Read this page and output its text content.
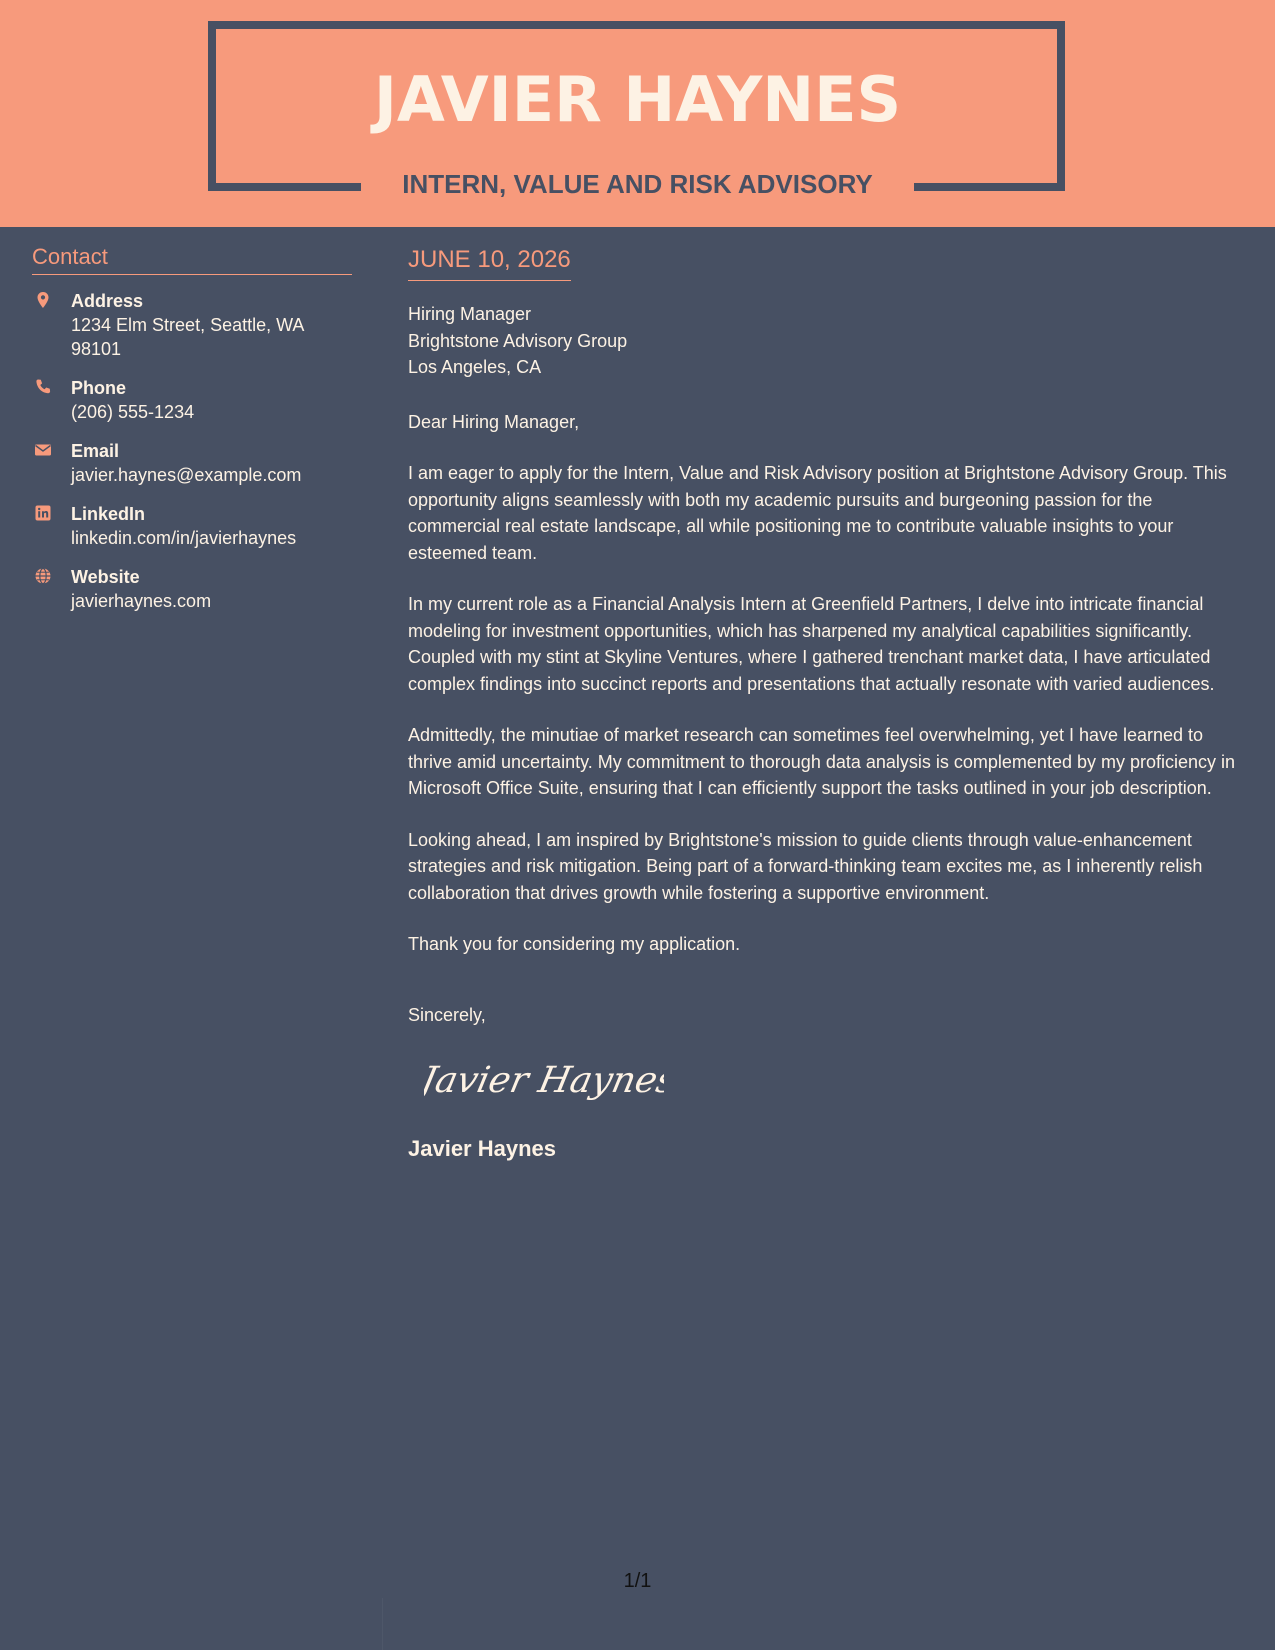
JAVIER HAYNES
INTERN, VALUE AND RISK ADVISORY
Contact
Address
1234 Elm Street, Seattle, WA 98101
Phone
(206) 555-1234
Email
javier.haynes@example.com
LinkedIn
linkedin.com/in/javierhaynes
Website
javierhaynes.com
JUNE 10, 2026
Hiring Manager
Brightstone Advisory Group
Los Angeles, CA

Dear Hiring Manager,

I am eager to apply for the Intern, Value and Risk Advisory position at Brightstone Advisory Group. This opportunity aligns seamlessly with both my academic pursuits and burgeoning passion for the commercial real estate landscape, all while positioning me to contribute valuable insights to your esteemed team.

In my current role as a Financial Analysis Intern at Greenfield Partners, I delve into intricate financial modeling for investment opportunities, which has sharpened my analytical capabilities significantly. Coupled with my stint at Skyline Ventures, where I gathered trenchant market data, I have articulated complex findings into succinct reports and presentations that actually resonate with varied audiences.

Admittedly, the minutiae of market research can sometimes feel overwhelming, yet I have learned to thrive amid uncertainty. My commitment to thorough data analysis is complemented by my proficiency in Microsoft Office Suite, ensuring that I can efficiently support the tasks outlined in your job description.

Looking ahead, I am inspired by Brightstone's mission to guide clients through value-enhancement strategies and risk mitigation. Being part of a forward-thinking team excites me, as I inherently relish collaboration that drives growth while fostering a supportive environment.

Thank you for considering my application.

Sincerely,

Javier Haynes
Javier Haynes
1/1
